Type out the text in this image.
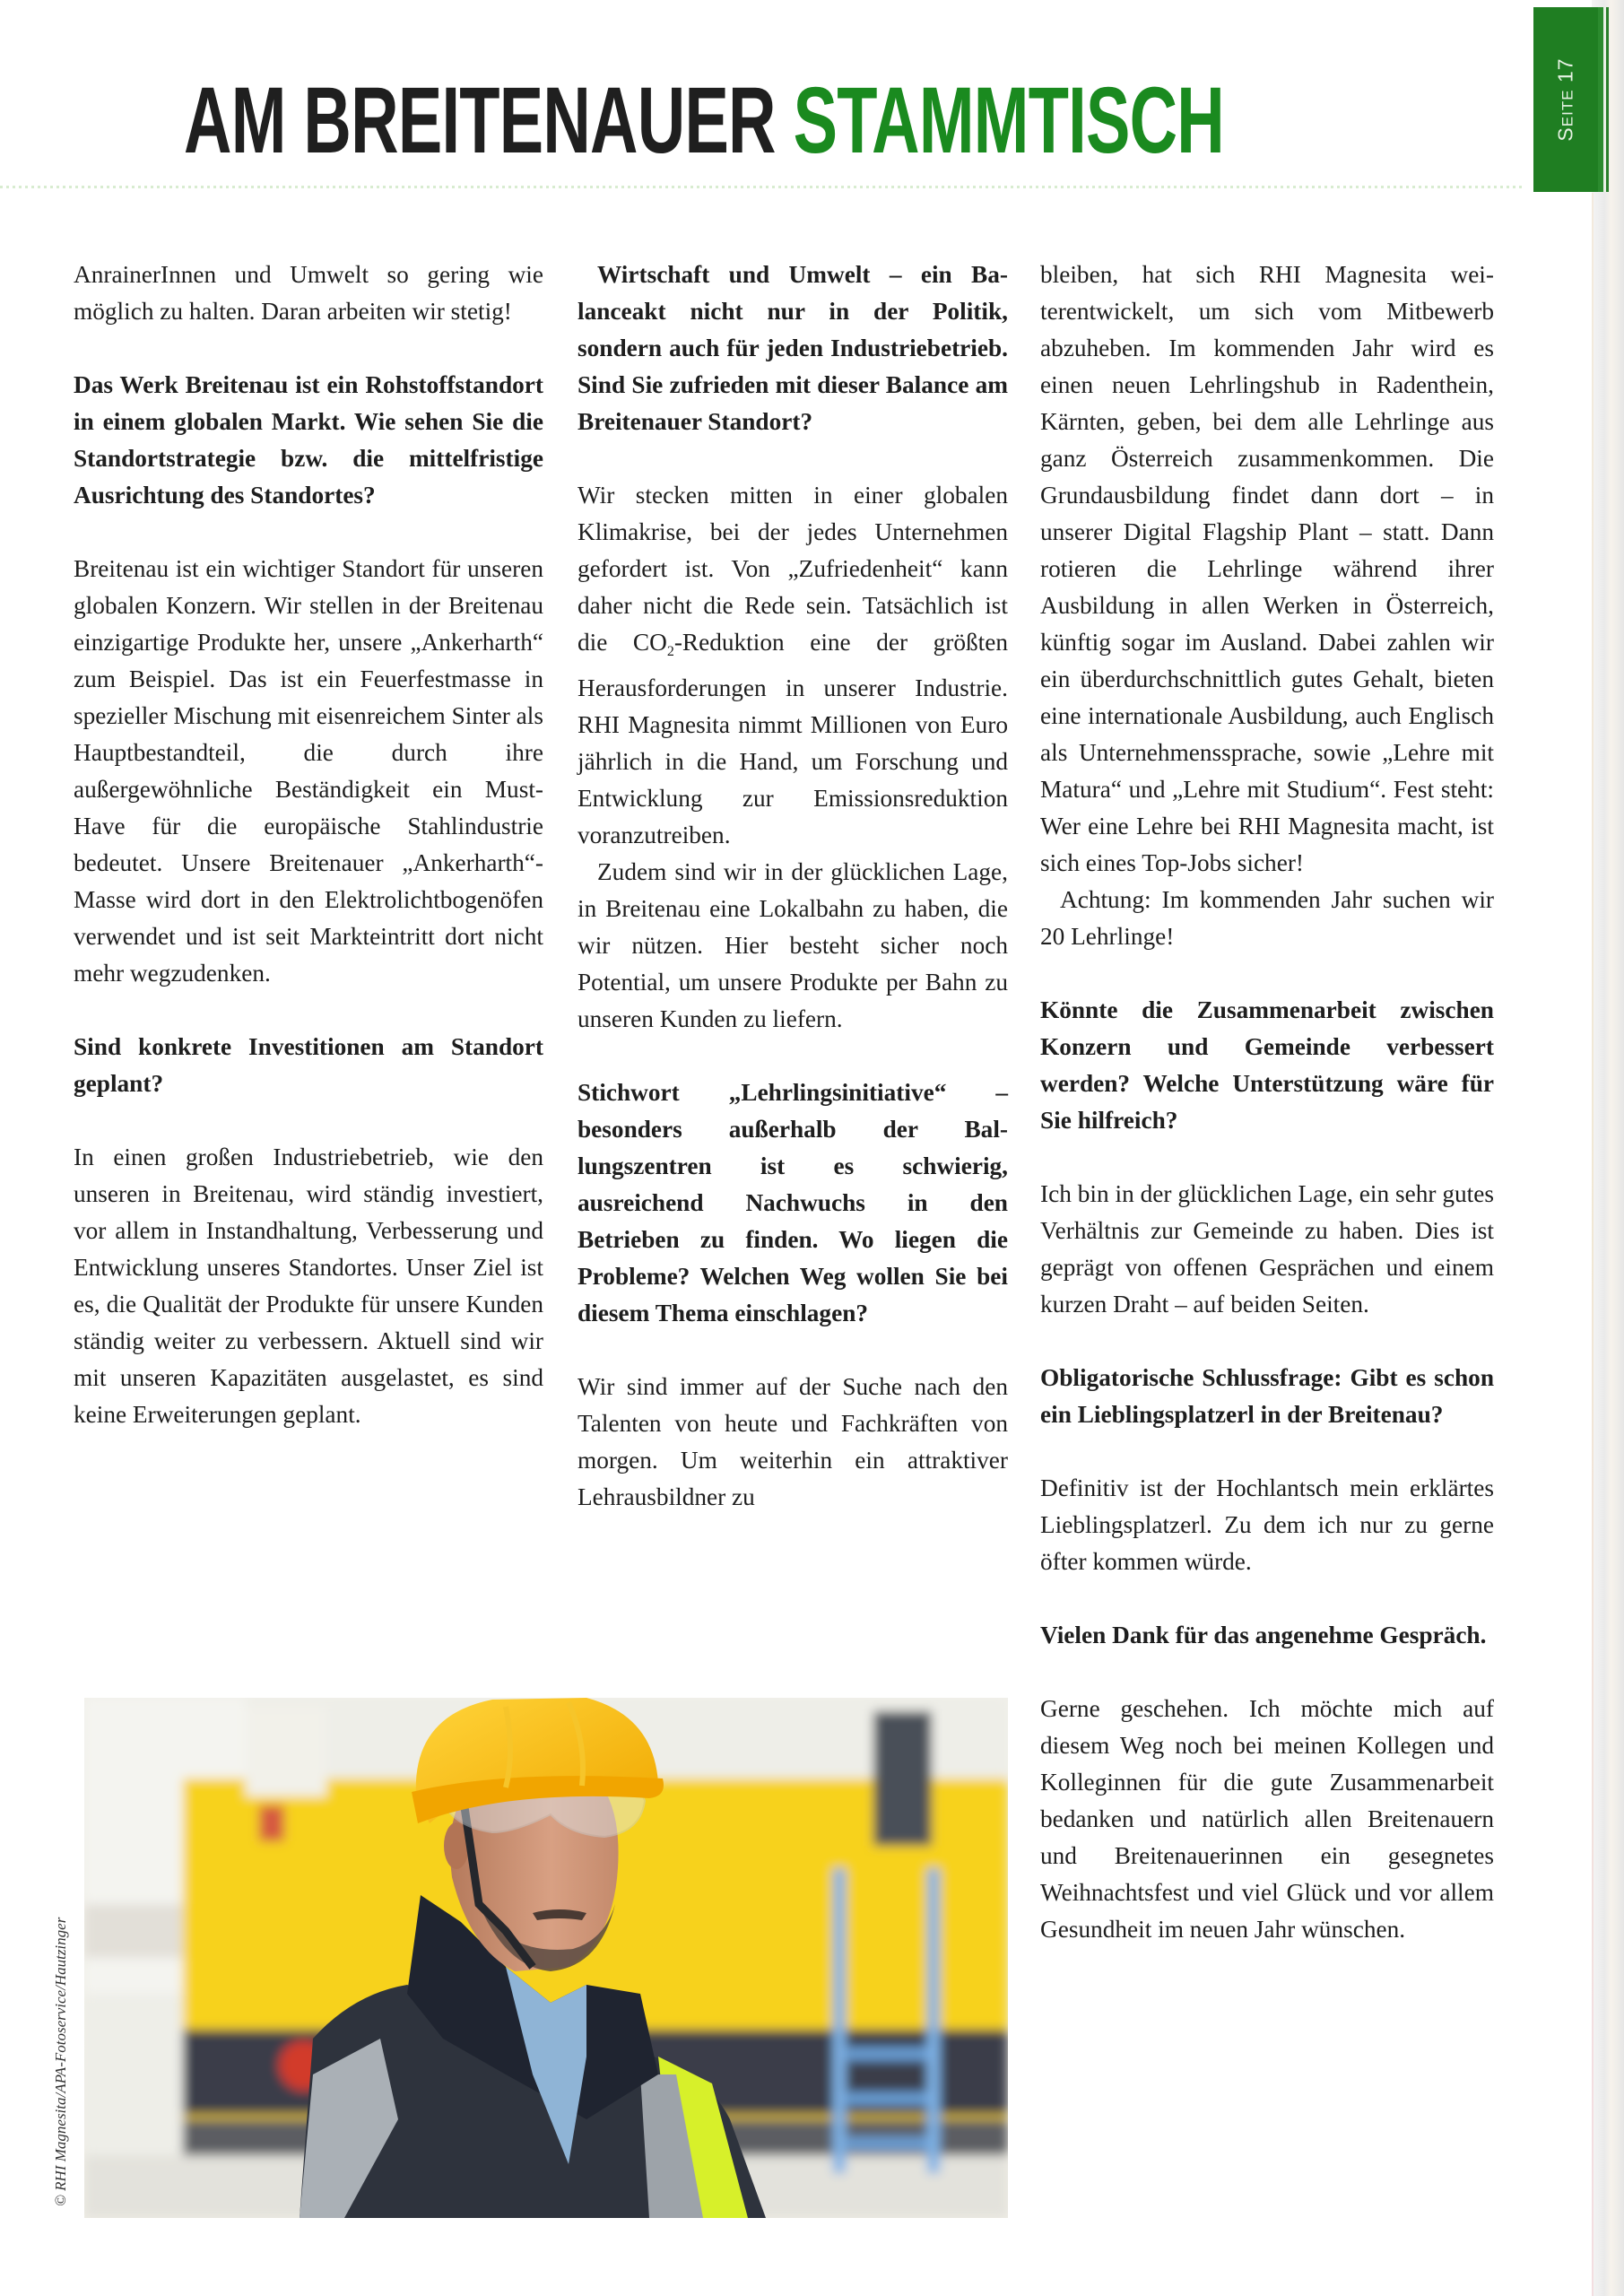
AM BREITENAUER STAMMTISCH	SEITE 17

AnrainerInnen und Umwelt so gering wie möglich zu halten. Daran arbeiten wir stetig!

Das Werk Breitenau ist ein Rohstoffstandort in einem globalen Markt. Wie sehen Sie die Standortstrategie bzw. die mittelfristige Ausrichtung des Standortes?

Breitenau ist ein wichtiger Standort für unseren globalen Konzern. Wir stellen in der Breitenau einzigartige Produkte her, unsere „Ankerharth“ zum Beispiel. Das ist ein Feuerfestmasse in spezieller Mischung mit eisenreichem Sinter als Hauptbestandteil, die durch ihre außergewöhnliche Beständigkeit ein Must-Have für die europäische Stahlindustrie bedeutet. Unsere Breitenauer „Ankerharth“-Masse wird dort in den Elektrolichtbogenöfen verwendet und ist seit Markteintritt dort nicht mehr wegzudenken.

Sind konkrete Investitionen am Standort geplant?

In einen großen Industriebetrieb, wie den unseren in Breitenau, wird ständig investiert, vor allem in Instandhaltung, Verbesserung und Entwicklung unseres Standortes. Unser Ziel ist es, die Qualität der Produkte für unsere Kunden ständig weiter zu verbessern. Aktuell sind wir mit unseren Kapazitäten ausgelastet, es sind keine Erweiterungen geplant.

Wirtschaft und Umwelt – ein Balanceakt nicht nur in der Politik, sondern auch für jeden Industriebetrieb. Sind Sie zufrieden mit dieser Balance am Breitenauer Standort?

Wir stecken mitten in einer globalen Klimakrise, bei der jedes Unternehmen gefordert ist. Von „Zufriedenheit“ kann daher nicht die Rede sein. Tatsächlich ist die $CO_2$-Reduktion eine der größten Herausforderungen in unserer Industrie. RHI Magnesita nimmt Millionen von Euro jährlich in die Hand, um Forschung und Entwicklung zur Emissionsreduktion voranzutreiben.

Zudem sind wir in der glücklichen Lage, in Breitenau eine Lokalbahn zu haben, die wir nützen. Hier besteht sicher noch Potential, um unsere Produkte per Bahn zu unseren Kunden zu liefern.

Stichwort „Lehrlingsinitiative“ – besonders außerhalb der Ballungszentren ist es schwierig, ausreichend Nachwuchs in den Betrieben zu finden. Wo liegen die Probleme? Welchen Weg wollen Sie bei diesem Thema einschlagen?

Wir sind immer auf der Suche nach den Talenten von heute und Fachkräften von morgen. Um weiterhin ein attraktiver Lehrausbildner zu

bleiben, hat sich RHI Magnesita weiterentwickelt, um sich vom Mitbewerb abzuheben. Im kommenden Jahr wird es einen neuen Lehrlingshub in Radenthein, Kärnten, geben, bei dem alle Lehrlinge aus ganz Österreich zusammenkommen. Die Grundausbildung findet dann dort – in unserer Digital Flagship Plant – statt. Dann rotieren die Lehrlinge während ihrer Ausbildung in allen Werken in Österreich, künftig sogar im Ausland. Dabei zahlen wir ein überdurchschnittlich gutes Gehalt, bieten eine internationale Ausbildung, auch Englisch als Unternehmenssprache, sowie „Lehre mit Matura“ und „Lehre mit Studium“. Fest steht: Wer eine Lehre bei RHI Magnesita macht, ist sich eines Top-Jobs sicher!

Achtung: Im kommenden Jahr suchen wir 20 Lehrlinge!

Könnte die Zusammenarbeit zwischen Konzern und Gemeinde verbessert werden? Welche Unterstützung wäre für Sie hilfreich?

Ich bin in der glücklichen Lage, ein sehr gutes Verhältnis zur Gemeinde zu haben. Dies ist geprägt von offenen Gesprächen und einem kurzen Draht – auf beiden Seiten.

Obligatorische Schlussfrage: Gibt es schon ein Lieblingsplatzerl in der Breitenau?

Definitiv ist der Hochlantsch mein erklärtes Lieblingsplatzerl. Zu dem ich nur zu gerne öfter kommen würde.

Vielen Dank für das angenehme Gespräch.

Gerne geschehen. Ich möchte mich auf diesem Weg noch bei meinen Kollegen und Kolleginnen für die gute Zusammenarbeit bedanken und natürlich allen Breitenauern und Breitenauerinnen ein gesegnetes Weihnachtsfest und viel Glück und vor allem Gesundheit im neuen Jahr wünschen.

© RHI Magnesita/APA-Fotoservice/Hautzinger
